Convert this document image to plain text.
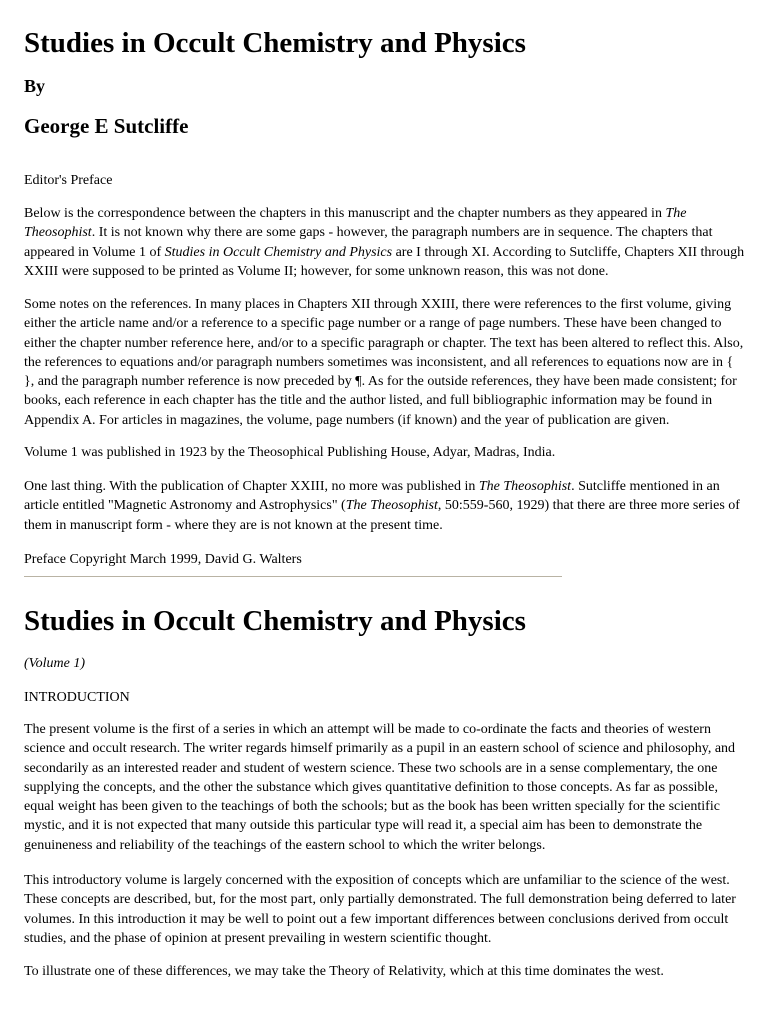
Studies in Occult Chemistry and Physics

By

George E Sutcliffe

Editor's Preface

Below is the correspondence between the chapters in this manuscript and the chapter numbers as they appeared in The Theosophist. It is not known why there are some gaps - however, the paragraph numbers are in sequence. The chapters that appeared in Volume 1 of Studies in Occult Chemistry and Physics are I through XI. According to Sutcliffe, Chapters XII through XXIII were supposed to be printed as Volume II; however, for some unknown reason, this was not done.

Some notes on the references. In many places in Chapters XII through XXIII, there were references to the first volume, giving either the article name and/or a reference to a specific page number or a range of page numbers. These have been changed to either the chapter number reference here, and/or to a specific paragraph or chapter. The text has been altered to reflect this. Also, the references to equations and/or paragraph numbers sometimes was inconsistent, and all references to equations now are in { }, and the paragraph number reference is now preceded by ¶. As for the outside references, they have been made consistent; for books, each reference in each chapter has the title and the author listed, and full bibliographic information may be found in Appendix A. For articles in magazines, the volume, page numbers (if known) and the year of publication are given.

Volume 1 was published in 1923 by the Theosophical Publishing House, Adyar, Madras, India.

One last thing. With the publication of Chapter XXIII, no more was published in The Theosophist. Sutcliffe mentioned in an article entitled "Magnetic Astronomy and Astrophysics" (The Theosophist, 50:559-560, 1929) that there are three more series of them in manuscript form - where they are is not known at the present time.

Preface Copyright March 1999, David G. Walters

Studies in Occult Chemistry and Physics

(Volume 1)

INTRODUCTION

The present volume is the first of a series in which an attempt will be made to co-ordinate the facts and theories of western science and occult research. The writer regards himself primarily as a pupil in an eastern school of science and philosophy, and secondarily as an interested reader and student of western science. These two schools are in a sense complementary, the one supplying the concepts, and the other the substance which gives quantitative definition to those concepts. As far as possible, equal weight has been given to the teachings of both the schools; but as the book has been written specially for the scientific mystic, and it is not expected that many outside this particular type will read it, a special aim has been to demonstrate the genuineness and reliability of the teachings of the eastern school to which the writer belongs.

This introductory volume is largely concerned with the exposition of concepts which are unfamiliar to the science of the west. These concepts are described, but, for the most part, only partially demonstrated. The full demonstration being deferred to later volumes. In this introduction it may be well to point out a few important differences between conclusions derived from occult studies, and the phase of opinion at present prevailing in western scientific thought.

To illustrate one of these differences, we may take the Theory of Relativity, which at this time dominates the west.
